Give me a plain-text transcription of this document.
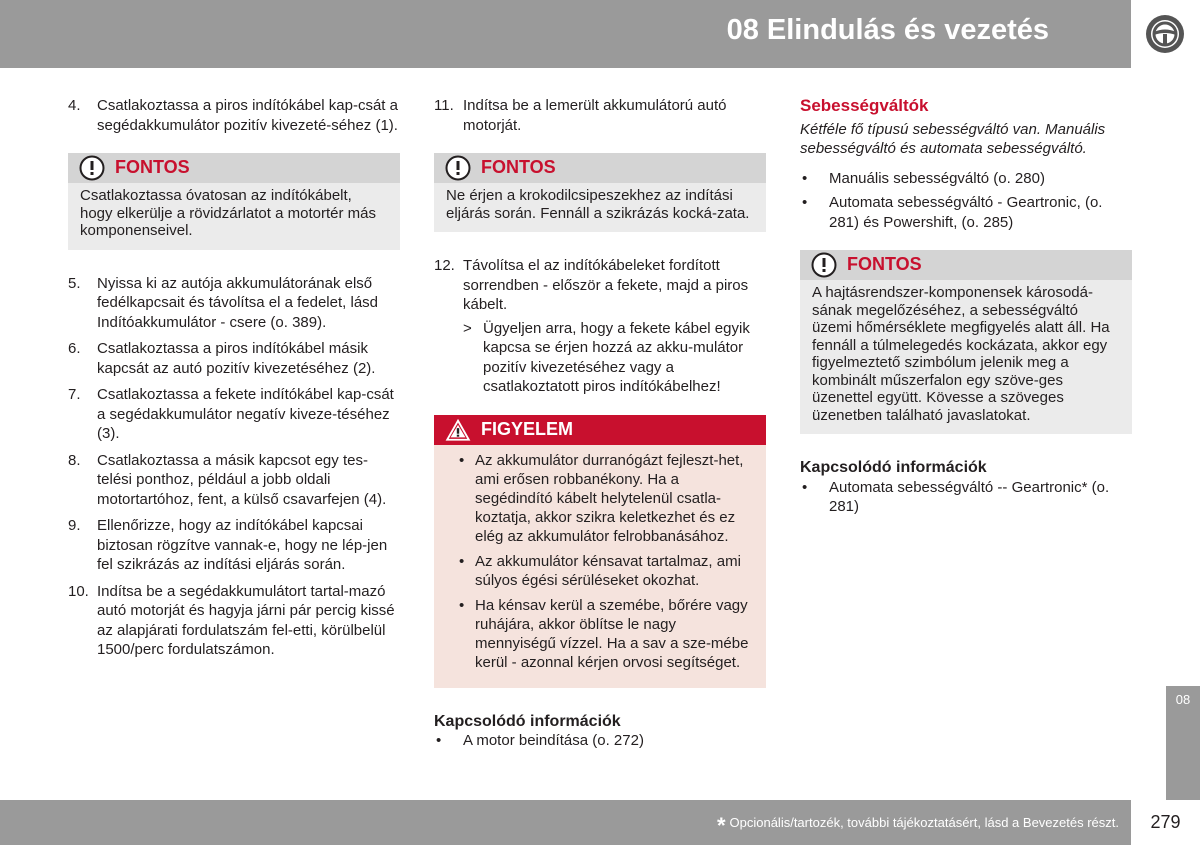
08 Elindulás és vezetés
4. Csatlakoztassa a piros indítókábel kap-csát a segédakkumulátor pozitív kivezeté-séhez (1).
FONTOS
Csatlakoztassa óvatosan az indítókábelt, hogy elkerülje a rövidzárlatot a motortér más komponenseivel.
5. Nyissa ki az autója akkumulátorának első fedélkapcsait és távolítsa el a fedelet, lásd Indítóakkumulátor - csere (o. 389).
6. Csatlakoztassa a piros indítókábel másik kapcsát az autó pozitív kivezetéséhez (2).
7. Csatlakoztassa a fekete indítókábel kap-csát a segédakkumulátor negatív kiveze-téséhez (3).
8. Csatlakoztassa a másik kapcsot egy tes-telési ponthoz, például a jobb oldali motortartóhoz, fent, a külső csavarfejen (4).
9. Ellenőrizze, hogy az indítókábel kapcsai biztosan rögzítve vannak-e, hogy ne lép-jen fel szikrázás az indítási eljárás során.
10. Indítsa be a segédakkumulátort tartal-mazó autó motorját és hagyja járni pár percig kissé az alapjárati fordulatszám fel-etti, körülbelül 1500/perc fordulatszámon.
11. Indítsa be a lemerült akkumulátorú autó motorját.
FONTOS
Ne érjen a krokodilcsipeszekhez az indítási eljárás során. Fennáll a szikrázás kocká-zata.
12. Távolítsa el az indítókábeleket fordított sorrendben - először a fekete, majd a piros kábelt.
> Ügyeljen arra, hogy a fekete kábel egyik kapcsa se érjen hozzá az akku-mulátor pozitív kivezetéséhez vagy a csatlakoztatott piros indítókábelhez!
FIGYELEM
• Az akkumulátor durranógázt fejleszt-het, ami erősen robbanékony. Ha a segédindító kábelt helytelenül csatla-koztatja, akkor szikra keletkezhet és ez elég az akkumulátor felrobbanásához.
• Az akkumulátor kénsavat tartalmaz, ami súlyos égési sérüléseket okozhat.
• Ha kénsav kerül a szemébe, bőrére vagy ruhájára, akkor öblítse le nagy mennyiségű vízzel. Ha a sav a sze-mébe kerül - azonnal kérjen orvosi segítséget.
Kapcsolódó információk
• A motor beindítása (o. 272)
Sebességváltók
Kétféle fő típusú sebességváltó van. Manuális sebességváltó és automata sebességváltó.
• Manuális sebességváltó (o. 280)
• Automata sebességváltó - Geartronic, (o. 281) és Powershift, (o. 285)
FONTOS
A hajtásrendszer-komponensek károsodá-sának megelőzéséhez, a sebességváltó üzemi hőmérséklete megfigyelés alatt áll. Ha fennáll a túlmelegedés kockázata, akkor egy figyelmeztető szimbólum jelenik meg a kombinált műszerfalon egy szöve-ges üzenettel együtt. Kövesse a szöveges üzenetben található javaslatokat.
Kapcsolódó információk
• Automata sebességváltó -- Geartronic* (o. 281)
08
* Opcionális/tartozék, további tájékoztatásért, lásd a Bevezetés részt.	279
